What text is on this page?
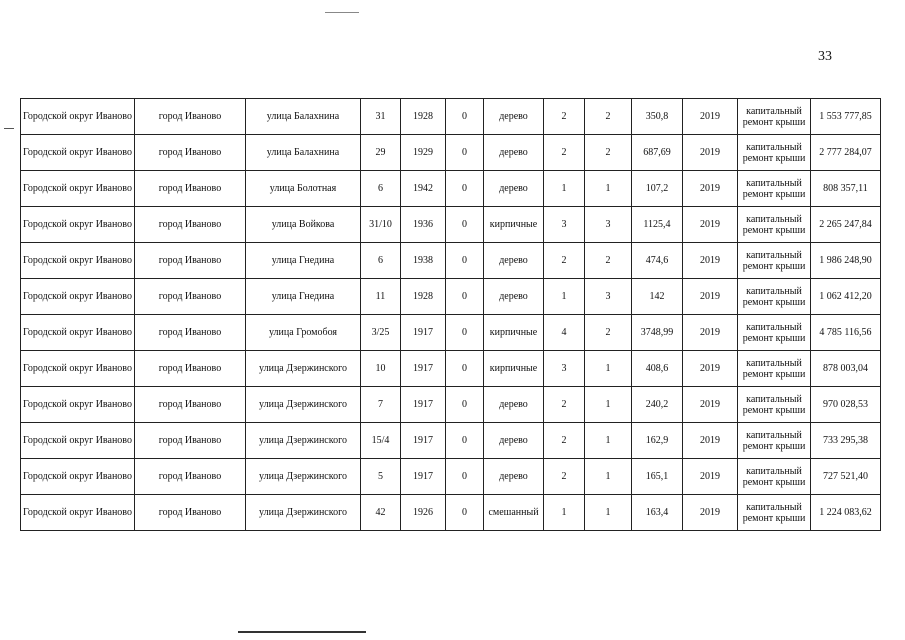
33
Городской округ Иваново	город Иваново	улица Балахнина	31	1928	0	дерево	2	2	350,8	2019	капитальный ремонт крыши	1 553 777,85
Городской округ Иваново	город Иваново	улица Балахнина	29	1929	0	дерево	2	2	687,69	2019	капитальный ремонт крыши	2 777 284,07
Городской округ Иваново	город Иваново	улица Болотная	6	1942	0	дерево	1	1	107,2	2019	капитальный ремонт крыши	808 357,11
Городской округ Иваново	город Иваново	улица Войкова	31/10	1936	0	кирпичные	3	3	1125,4	2019	капитальный ремонт крыши	2 265 247,84
Городской округ Иваново	город Иваново	улица Гнедина	6	1938	0	дерево	2	2	474,6	2019	капитальный ремонт крыши	1 986 248,90
Городской округ Иваново	город Иваново	улица Гнедина	11	1928	0	дерево	1	3	142	2019	капитальный ремонт крыши	1 062 412,20
Городской округ Иваново	город Иваново	улица Громобоя	3/25	1917	0	кирпичные	4	2	3748,99	2019	капитальный ремонт крыши	4 785 116,56
Городской округ Иваново	город Иваново	улица Дзержинского	10	1917	0	кирпичные	3	1	408,6	2019	капитальный ремонт крыши	878 003,04
Городской округ Иваново	город Иваново	улица Дзержинского	7	1917	0	дерево	2	1	240,2	2019	капитальный ремонт крыши	970 028,53
Городской округ Иваново	город Иваново	улица Дзержинского	15/4	1917	0	дерево	2	1	162,9	2019	капитальный ремонт крыши	733 295,38
Городской округ Иваново	город Иваново	улица Дзержинского	5	1917	0	дерево	2	1	165,1	2019	капитальный ремонт крыши	727 521,40
Городской округ Иваново	город Иваново	улица Дзержинского	42	1926	0	смешанный	1	1	163,4	2019	капитальный ремонт крыши	1 224 083,62
